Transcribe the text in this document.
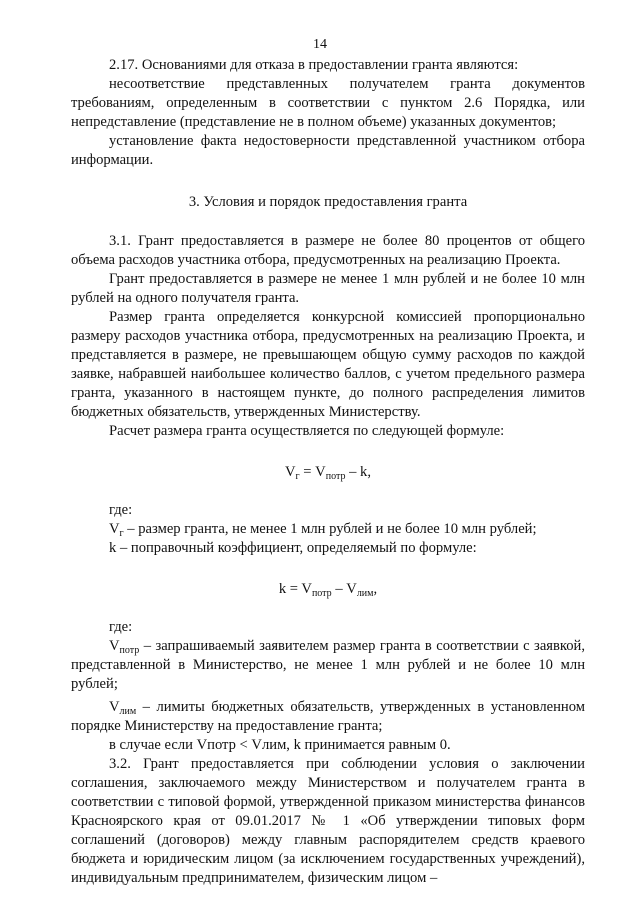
14

2.17. Основаниями для отказа в предоставлении гранта являются:

несоответствие представленных получателем гранта документов требованиям, определенным в соответствии с пунктом 2.6 Порядка, или непредставление (представление не в полном объеме) указанных документов;

установление факта недостоверности представленной участником отбора информации.

3. Условия и порядок предоставления гранта

3.1. Грант предоставляется в размере не более 80 процентов от общего объема расходов участника отбора, предусмотренных на реализацию Проекта.

Грант предоставляется в размере не менее 1 млн рублей и не более 10 млн рублей на одного получателя гранта.

Размер гранта определяется конкурсной комиссией пропорционально размеру расходов участника отбора, предусмотренных на реализацию Проекта, и представляется в размере, не превышающем общую сумму расходов по каждой заявке, набравшей наибольшее количество баллов, с учетом предельного размера гранта, указанного в настоящем пункте, до полного распределения лимитов бюджетных обязательств, утвержденных Министерству.

Расчет размера гранта осуществляется по следующей формуле:

$V_г = V_{потр} - k$,

где:

$V_г$ – размер гранта, не менее 1 млн рублей и не более 10 млн рублей;

k – поправочный коэффициент, определяемый по формуле:

$k = V_{потр} - V_{лим}$,

где:

$V_{потр}$ – запрашиваемый заявителем размер гранта в соответствии с заявкой, представленной в Министерство, не менее 1 млн рублей и не более 10 млн рублей;

$V_{лим}$ – лимиты бюджетных обязательств, утвержденных в установленном порядке Министерству на предоставление гранта;

в случае если Vпотр < Vлим, k принимается равным 0.

3.2. Грант предоставляется при соблюдении условия о заключении соглашения, заключаемого между Министерством и получателем гранта в соответствии с типовой формой, утвержденной приказом министерства финансов Красноярского края от 09.01.2017 № 1 «Об утверждении типовых форм соглашений (договоров) между главным распорядителем средств краевого бюджета и юридическим лицом (за исключением государственных учреждений), индивидуальным предпринимателем, физическим лицом –
